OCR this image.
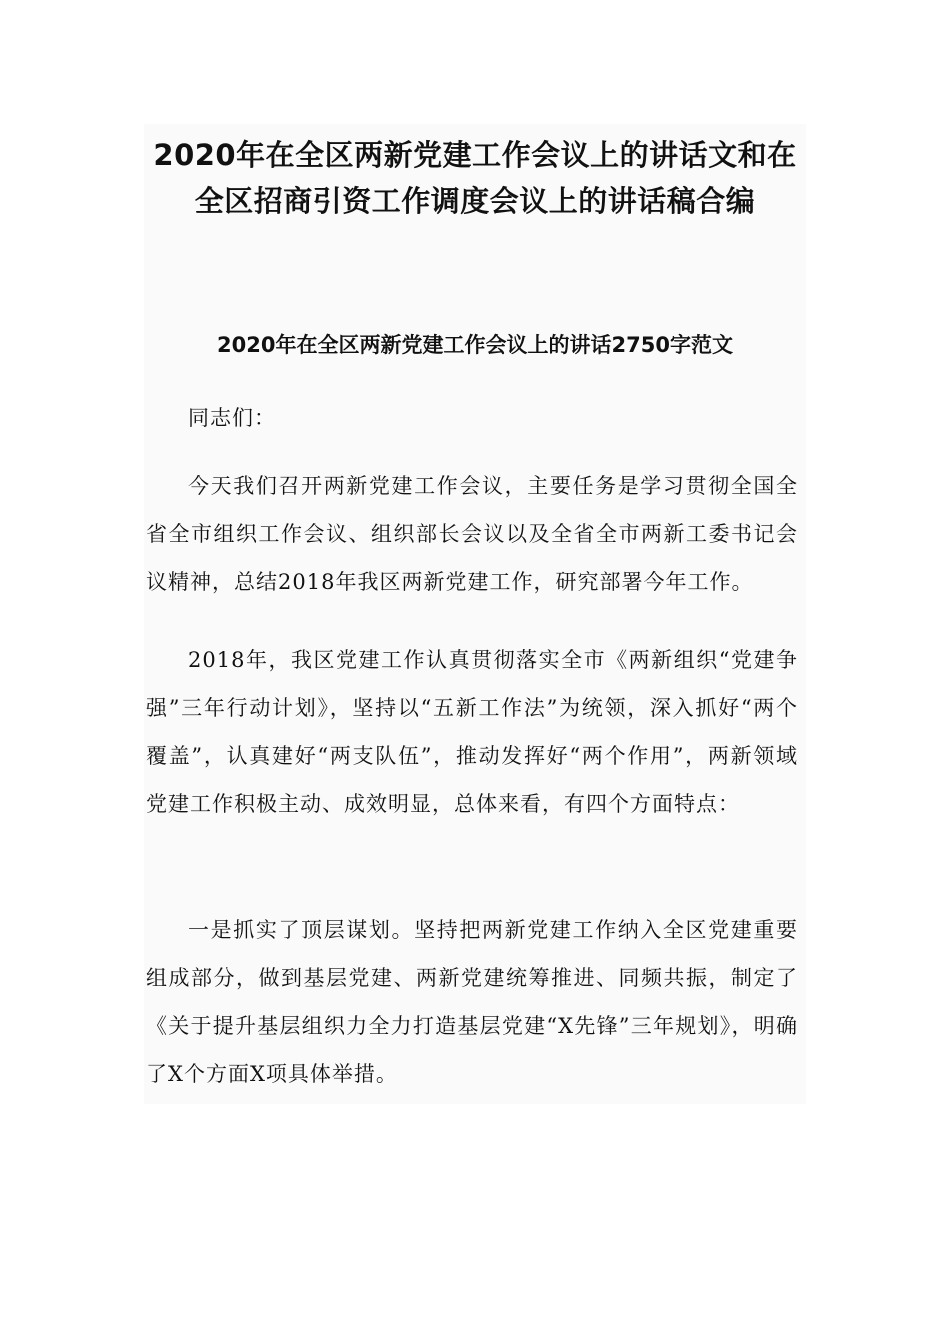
2020年在全区两新党建工作会议上的讲话文和在全区招商引资工作调度会议上的讲话稿合编
2020年在全区两新党建工作会议上的讲话2750字范文

同志们：

今天我们召开两新党建工作会议，主要任务是学习贯彻全国全省全市组织工作会议、组织部长会议以及全省全市两新工委书记会议精神，总结2018年我区两新党建工作，研究部署今年工作。

2018年，我区党建工作认真贯彻落实全市《两新组织“党建争强”三年行动计划》，坚持以“五新工作法”为统领，深入抓好“两个覆盖”，认真建好“两支队伍”，推动发挥好“两个作用”，两新领域党建工作积极主动、成效明显，总体来看，有四个方面特点：

一是抓实了顶层谋划。坚持把两新党建工作纳入全区党建重要组成部分，做到基层党建、两新党建统筹推进、同频共振，制定了《关于提升基层组织力全力打造基层党建“X先锋”三年规划》，明确了X个方面X项具体举措。
